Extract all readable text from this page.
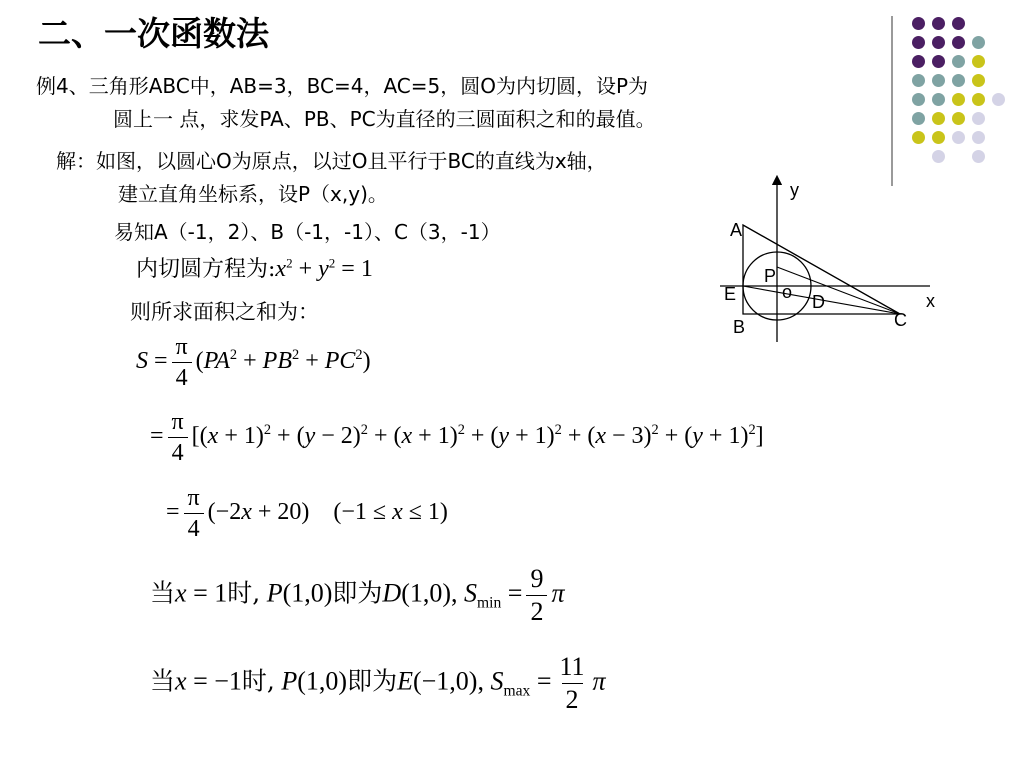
二、一次函数法
例4、三角形ABC中，AB=3，BC=4，AC=5，圆O为内切圆，设P为
圆上一 点，求发PA、PB、PC为直径的三圆面积之和的最值。
解：如图，以圆心O为原点，以过O且平行于BC的直线为x轴，
建立直角坐标系，设P（x,y)。
易知A（-1，2）、B（-1，-1）、C（3，-1）
内切圆方程为$:x^2 + y^2 = 1$
则所求面积之和为：
$S = \frac{\pi}{4} (PA^2 + PB^2 + PC^2)$
= $\frac{\pi}{4} [(x + 1)^2 + (y - 2)^2 + (x + 1)^2 + (y + 1)^2 + (x - 3)^2 + (y + 1)^2]$
= $\frac{\pi}{4} (-2x + 20)$    (−1 ≤ x ≤ 1)
当x = 1时, P(1,0)即为D(1,0), $S_{min} = \frac{9}{2}$ π
当x = −1时, P(1,0)即为E(−1,0), $S_{max} = \frac{11}{2}$ π
y
x
A
P
o
E	D
B	C
